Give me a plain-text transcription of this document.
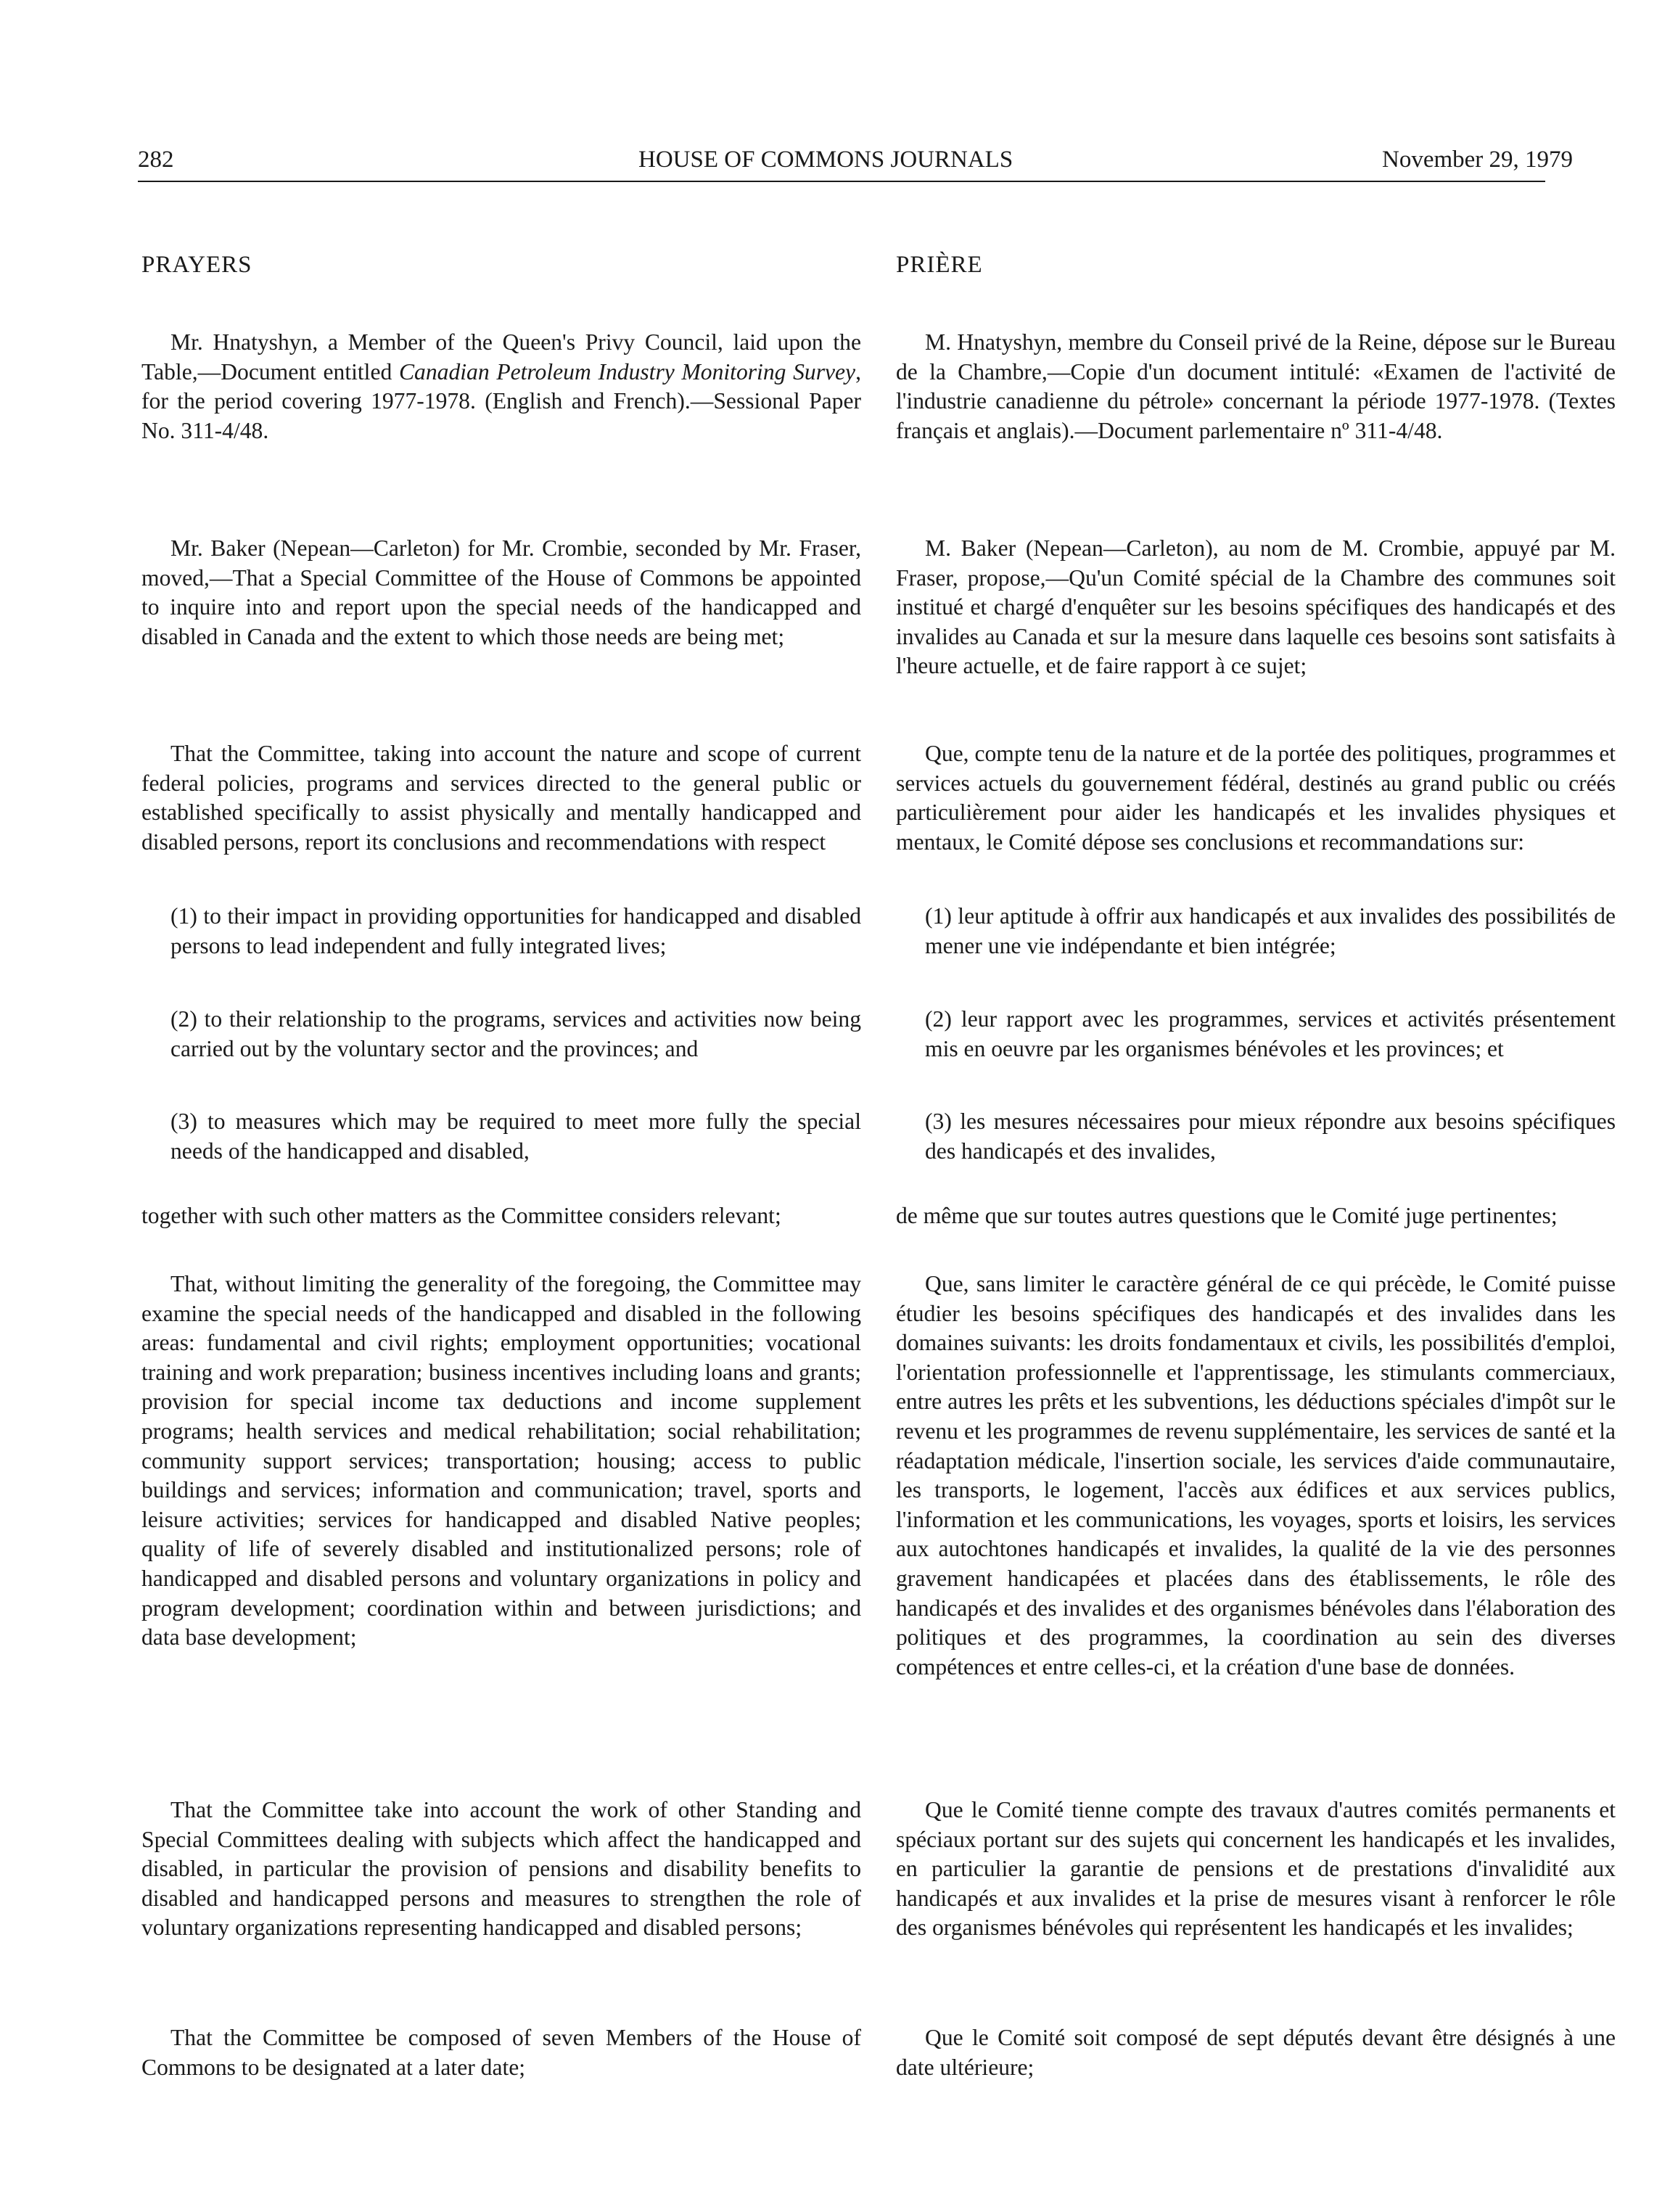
282	HOUSE OF COMMONS JOURNALS	November 29, 1979
PRAYERS
Mr. Hnatyshyn, a Member of the Queen's Privy Council, laid upon the Table,—Document entitled Canadian Petroleum Industry Monitoring Survey, for the period covering 1977-1978. (English and French).—Sessional Paper No. 311-4/48.
Mr. Baker (Nepean—Carleton) for Mr. Crombie, seconded by Mr. Fraser, moved,—That a Special Committee of the House of Commons be appointed to inquire into and report upon the special needs of the handicapped and disabled in Canada and the extent to which those needs are being met;
That the Committee, taking into account the nature and scope of current federal policies, programs and services directed to the general public or established specifically to assist physically and mentally handicapped and disabled persons, report its conclusions and recommendations with respect
(1) to their impact in providing opportunities for handicapped and disabled persons to lead independent and fully integrated lives;
(2) to their relationship to the programs, services and activities now being carried out by the voluntary sector and the provinces; and
(3) to measures which may be required to meet more fully the special needs of the handicapped and disabled,
together with such other matters as the Committee considers relevant;
That, without limiting the generality of the foregoing, the Committee may examine the special needs of the handicapped and disabled in the following areas: fundamental and civil rights; employment opportunities; vocational training and work preparation; business incentives including loans and grants; provision for special income tax deductions and income supplement programs; health services and medical rehabilitation; social rehabilitation; community support services; transportation; housing; access to public buildings and services; information and communication; travel, sports and leisure activities; services for handicapped and disabled Native peoples; quality of life of severely disabled and institutionalized persons; role of handicapped and disabled persons and voluntary organizations in policy and program development; coordination within and between jurisdictions; and data base development;
That the Committee take into account the work of other Standing and Special Committees dealing with subjects which affect the handicapped and disabled, in particular the provision of pensions and disability benefits to disabled and handicapped persons and measures to strengthen the role of voluntary organizations representing handicapped and disabled persons;
That the Committee be composed of seven Members of the House of Commons to be designated at a later date;
PRIÈRE
M. Hnatyshyn, membre du Conseil privé de la Reine, dépose sur le Bureau de la Chambre,—Copie d'un document intitulé: «Examen de l'activité de l'industrie canadienne du pétrole» concernant la période 1977-1978. (Textes français et anglais).—Document parlementaire nº 311-4/48.
M. Baker (Nepean—Carleton), au nom de M. Crombie, appuyé par M. Fraser, propose,—Qu'un Comité spécial de la Chambre des communes soit institué et chargé d'enquêter sur les besoins spécifiques des handicapés et des invalides au Canada et sur la mesure dans laquelle ces besoins sont satisfaits à l'heure actuelle, et de faire rapport à ce sujet;
Que, compte tenu de la nature et de la portée des politiques, programmes et services actuels du gouvernement fédéral, destinés au grand public ou créés particulièrement pour aider les handicapés et les invalides physiques et mentaux, le Comité dépose ses conclusions et recommandations sur:
(1) leur aptitude à offrir aux handicapés et aux invalides des possibilités de mener une vie indépendante et bien intégrée;
(2) leur rapport avec les programmes, services et activités présentement mis en oeuvre par les organismes bénévoles et les provinces; et
(3) les mesures nécessaires pour mieux répondre aux besoins spécifiques des handicapés et des invalides,
de même que sur toutes autres questions que le Comité juge pertinentes;
Que, sans limiter le caractère général de ce qui précède, le Comité puisse étudier les besoins spécifiques des handicapés et des invalides dans les domaines suivants: les droits fondamentaux et civils, les possibilités d'emploi, l'orientation professionnelle et l'apprentissage, les stimulants commerciaux, entre autres les prêts et les subventions, les déductions spéciales d'impôt sur le revenu et les programmes de revenu supplémentaire, les services de santé et la réadaptation médicale, l'insertion sociale, les services d'aide communautaire, les transports, le logement, l'accès aux édifices et aux services publics, l'information et les communications, les voyages, sports et loisirs, les services aux autochtones handicapés et invalides, la qualité de la vie des personnes gravement handicapées et placées dans des établissements, le rôle des handicapés et des invalides et des organismes bénévoles dans l'élaboration des politiques et des programmes, la coordination au sein des diverses compétences et entre celles-ci, et la création d'une base de données.
Que le Comité tienne compte des travaux d'autres comités permanents et spéciaux portant sur des sujets qui concernent les handicapés et les invalides, en particulier la garantie de pensions et de prestations d'invalidité aux handicapés et aux invalides et la prise de mesures visant à renforcer le rôle des organismes bénévoles qui représentent les handicapés et les invalides;
Que le Comité soit composé de sept députés devant être désignés à une date ultérieure;
